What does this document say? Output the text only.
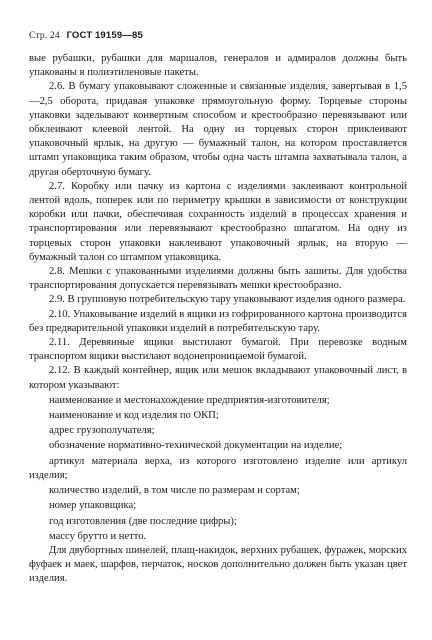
Стр. 24 ГОСТ 19159—85

вые рубашки, рубашки для маршалов, генералов и адмиралов должны быть упакованы в полиэтиленовые пакеты.

2.6. В бумагу упаковывают сложенные и связанные изделия, завертывая в 1,5—2,5 оборота, придавая упаковке прямоугольную форму. Торцевые стороны упаковки заделывают конвертным способом и крестообразно перевязывают или обклеивают клеевой лентой. На одну из торцевых сторон приклеивают упаковочный ярлык, на другую — бумажный талон, на котором проставляется штамп упаковщика таким образом, чтобы одна часть штампа захватывала талон, а другая оберточную бумагу.

2.7. Коробку или пачку из картона с изделиями заклеивают контрольной лентой вдоль, поперек или по периметру крышки в зависимости от конструкции коробки или пачки, обеспечивая сохранность изделий в процессах хранения и транспортирования или перевязывают крестообразно шпагатом. На одну из торцевых сторон упаковки наклеивают упаковочный ярлык, на вторую —бумажный талон со штампом упаковщика.

2.8. Мешки с упакованными изделиями должны быть зашиты. Для удобства транспортирования допускается перевязывать мешки крестообразно.

2.9. В групповую потребительскую тару упаковывают изделия одного размера.

2.10. Упаковывание изделий в ящики из гофрированного картона производится без предварительной упаковки изделий в потребительскую тару.

2.11. Деревянные ящики выстилают бумагой. При перевозке водным транспортом ящики выстилают водонепроницаемой бумагой.

2.12. В каждый контейнер, ящик или мешок вкладывают упаковочный лист, в котором указывают:

наименование и местонахождение предприятия-изготовителя;

наименование и код изделия по ОКП;

адрес грузополучателя;

обозначение нормативно-технической документации на изделие;

артикул материала верха, из которого изготовлено изделие или артикул изделия;

количество изделий, в том числе по размерам и сортам;

номер упаковщика;

год изготовления (две последние цифры);

массу брутто и нетто.

Для двубортных шинелей, плащ-накидок, верхних рубашек, фуражек, морских фуфаек и маек, шарфов, перчаток, носков дополнительно должен быть указан цвет изделия.
